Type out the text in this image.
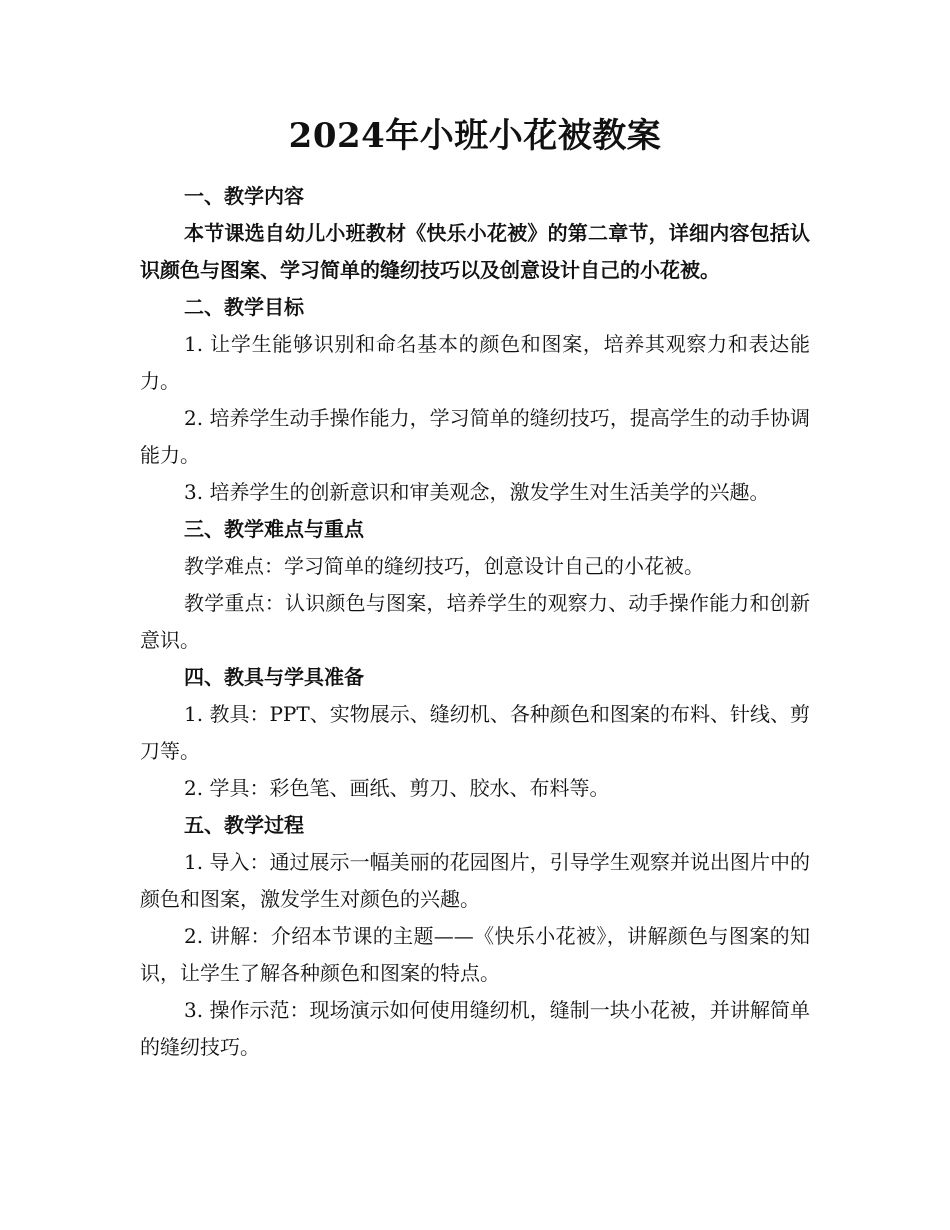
2024年小班小花被教案

一、教学内容

本节课选自幼儿小班教材《快乐小花被》的第二章节，详细内容包括认识颜色与图案、学习简单的缝纫技巧以及创意设计自己的小花被。

二、教学目标

1. 让学生能够识别和命名基本的颜色和图案，培养其观察力和表达能力。

2. 培养学生动手操作能力，学习简单的缝纫技巧，提高学生的动手协调能力。

3. 培养学生的创新意识和审美观念，激发学生对生活美学的兴趣。

三、教学难点与重点

教学难点：学习简单的缝纫技巧，创意设计自己的小花被。

教学重点：认识颜色与图案，培养学生的观察力、动手操作能力和创新意识。

四、教具与学具准备

1. 教具：PPT、实物展示、缝纫机、各种颜色和图案的布料、针线、剪刀等。

2. 学具：彩色笔、画纸、剪刀、胶水、布料等。

五、教学过程

1. 导入：通过展示一幅美丽的花园图片，引导学生观察并说出图片中的颜色和图案，激发学生对颜色的兴趣。

2. 讲解：介绍本节课的主题——《快乐小花被》，讲解颜色与图案的知识，让学生了解各种颜色和图案的特点。

3. 操作示范：现场演示如何使用缝纫机，缝制一块小花被，并讲解简单的缝纫技巧。
